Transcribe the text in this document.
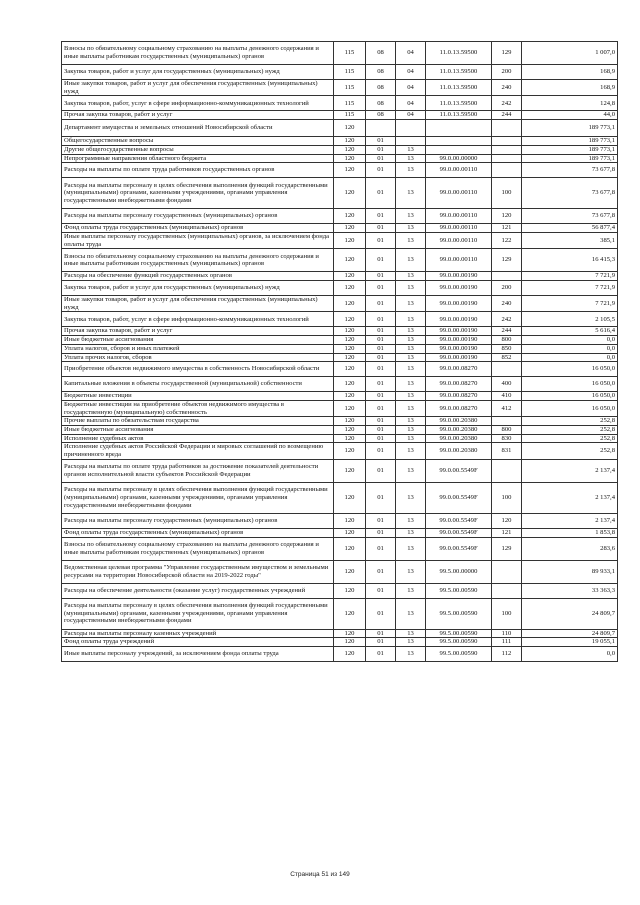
Взносы по обязательному социальному страхованию на выплаты денежного содержания и иные выплаты работникам государственных (муниципальных) органов	115	08	04	11.0.13.59500	129	1 007,0
Закупка товаров, работ и услуг для государственных (муниципальных) нужд	115	08	04	11.0.13.59500	200	168,9
Иные закупки товаров, работ и услуг для обеспечения государственных (муниципальных) нужд	115	08	04	11.0.13.59500	240	168,9
Закупка товаров, работ, услуг в сфере информационно-коммуникационных технологий	115	08	04	11.0.13.59500	242	124,8
Прочая закупка товаров, работ и услуг	115	08	04	11.0.13.59500	244	44,0
Департамент имущества и земельных отношений Новосибирской области	120					189 773,1
Общегосударственные вопросы	120	01				189 773,1
Другие общегосударственные вопросы	120	01	13			189 773,1
Непрограммные направления областного бюджета	120	01	13	99.0.00.00000		189 773,1
Расходы на выплаты по оплате труда работников государственных органов	120	01	13	99.0.00.00110		73 677,8
Расходы на выплаты персоналу в целях обеспечения выполнения функций государственными (муниципальными) органами, казенными учреждениями, органами управления государственными внебюджетными фондами	120	01	13	99.0.00.00110	100	73 677,8
Расходы на выплаты персоналу государственных (муниципальных) органов	120	01	13	99.0.00.00110	120	73 677,8
Фонд оплаты труда государственных (муниципальных) органов	120	01	13	99.0.00.00110	121	56 877,4
Иные выплаты персоналу государственных (муниципальных) органов, за исключением фонда оплаты труда	120	01	13	99.0.00.00110	122	385,1
Взносы по обязательному социальному страхованию на выплаты денежного содержания и иные выплаты работникам государственных (муниципальных) органов	120	01	13	99.0.00.00110	129	16 415,3
Расходы на обеспечение функций государственных органов	120	01	13	99.0.00.00190		7 721,9
Закупка товаров, работ и услуг для государственных (муниципальных) нужд	120	01	13	99.0.00.00190	200	7 721,9
Иные закупки товаров, работ и услуг для обеспечения государственных (муниципальных) нужд	120	01	13	99.0.00.00190	240	7 721,9
Закупка товаров, работ, услуг в сфере информационно-коммуникационных технологий	120	01	13	99.0.00.00190	242	2 105,5
Прочая закупка товаров, работ и услуг	120	01	13	99.0.00.00190	244	5 616,4
Иные бюджетные ассигнования	120	01	13	99.0.00.00190	800	0,0
Уплата налогов, сборов и иных платежей	120	01	13	99.0.00.00190	850	0,0
Уплата прочих налогов, сборов	120	01	13	99.0.00.00190	852	0,0
Приобретение объектов недвижимого имущества в собственность Новосибирской области	120	01	13	99.0.00.08270		16 050,0
Капитальные вложения в объекты государственной (муниципальной) собственности	120	01	13	99.0.00.08270	400	16 050,0
Бюджетные инвестиции	120	01	13	99.0.00.08270	410	16 050,0
Бюджетные инвестиции на приобретение объектов недвижимого имущества в государственную (муниципальную) собственность	120	01	13	99.0.00.08270	412	16 050,0
Прочие выплаты по обязательствам государства	120	01	13	99.0.00.20380		252,8
Иные бюджетные ассигнования	120	01	13	99.0.00.20380	800	252,8
Исполнение судебных актов	120	01	13	99.0.00.20380	830	252,8
Исполнение судебных актов Российской Федерации и мировых соглашений по возмещению причиненного вреда	120	01	13	99.0.00.20380	831	252,8
Расходы на выплаты по оплате труда работников за достижение показателей деятельности органов исполнительной власти субъектов Российской Федерации	120	01	13	99.0.00.5549F		2 137,4
Расходы на выплаты персоналу в целях обеспечения выполнения функций государственными (муниципальными) органами, казенными учреждениями, органами управления государственными внебюджетными фондами	120	01	13	99.0.00.5549F	100	2 137,4
Расходы на выплаты персоналу государственных (муниципальных) органов	120	01	13	99.0.00.5549F	120	2 137,4
Фонд оплаты труда государственных (муниципальных) органов	120	01	13	99.0.00.5549F	121	1 853,8
Взносы по обязательному социальному страхованию на выплаты денежного содержания и иные выплаты работникам государственных (муниципальных) органов	120	01	13	99.0.00.5549F	129	283,6
Ведомственная целевая программа "Управление государственным имуществом и земельными ресурсами на территории Новосибирской области на 2019-2022 годы"	120	01	13	99.5.00.00000		89 933,1
Расходы на обеспечение деятельности (оказание услуг) государственных учреждений	120	01	13	99.5.00.00590		33 363,3
Расходы на выплаты персоналу в целях обеспечения выполнения функций государственными (муниципальными) органами, казенными учреждениями, органами управления государственными внебюджетными фондами	120	01	13	99.5.00.00590	100	24 809,7
Расходы на выплаты персоналу казенных учреждений	120	01	13	99.5.00.00590	110	24 809,7
Фонд оплаты труда учреждений	120	01	13	99.5.00.00590	111	19 055,1
Иные выплаты персоналу учреждений, за исключением фонда оплаты труда	120	01	13	99.5.00.00590	112	0,0
Страница 51 из 149
